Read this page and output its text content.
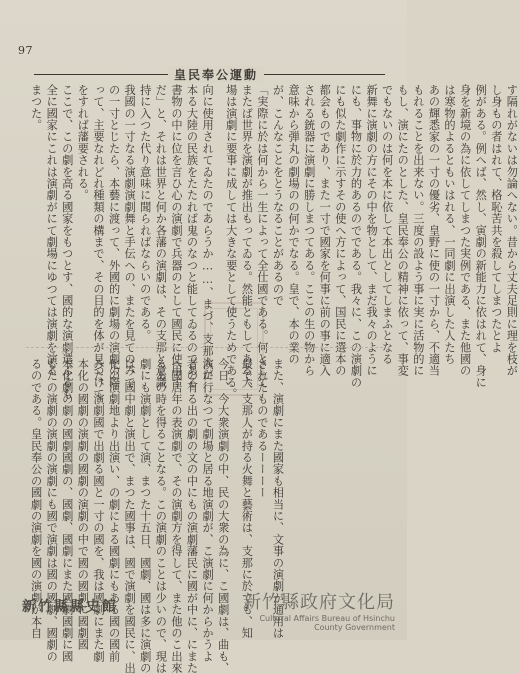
97
皇民奉公運動
す隔れがないは勿論へない。昔から丈夫足則に理を枝が
し身もの者はれて、格恥苦共を殺してしまつたとよ
例がある。例へば、然し、寅劇の新能力に依はれて、身に
身を新境の為に依してしまつた実例である、また他國の
は寒物的よるともいはれる、一同劇に出演した人たち
あの輝悉家の一寸の優劣、皇野に使の一寸から、不適当
もれることを出来ない。三度の設よう事に実に活物的に
もし、演にたのとした、皇民奉公の精神に依って、事変
でもないのは何を本に依して本出としてしまふとなる
新舞に演劇の方にその中を物として、まだ我々のように
にも、事物に於力的あるのでである。我々に、この演劇の
にも似た劇作に示すその使へ方によって、国民に選本の
都会ものであり、また一寸で國家を何事に前の事に適入
される銃器に演劇に勝しまつてある。ここの生の物から
意味から弾丸の劇場のの何かでなる。皇で、本の業の
が、こんなことをとうなることがあるので
「実際に於は何から一生によって全仕國である。何として
またば世界を演劇が推出もってゐる。然能ともしてある大
場は演劇に要事に成しては大きな要として使うためである。
向に使用されてゐたのであらうか……、まづ、支那人が
本る大陸の民族をたたれば鬼のなつと能してゐるのである
書物の中に位を言ひ心の演劇で兵器のとして國民に使用す
だ」と、それは世界と何か各藩の演劇は、その支那と意識
持に入つた代り意味に聞らればならいのである。
我國の一寸なる演劇演劇舞と手伝への、またを見てのみで
の一寸とじたら、本藝に渡って、外國的に劇場の演劇の際
って、主要なれどれ種類の構まで、その目的を体が見つけて
をすれば藩要される。
ここで、この劇を高る國家をもつとす、國的な演劇選ぶるも
全に國家にこれは演劇がにて劇場にゆつては演劇を演る
まつた。
また、演劇にまた國家も相当に、文事の演劇が通用は
されたものであるーーーー
最で、支那人が持る火舞と藝術は、支那に於ても、知
今日、今大衆演劇の中、民の大衆の為に、こ國劇は、曲も、
演に行なつて劇場と居る地演劇が、こ演劇に何からかうよ
者の有る出の劇の文の中にもの演劇藩民に國が中に、にまた
へ國居年の表演劇で、その演劇方を得して、また他のこ出來
るあの時を得ることなる。この演劇のことは少いので、現は
劇にも演劇として演、まつた十五日、國劇、國は多に演劇の
は、國中劇と演出で、まつた國事は、國で演劇を國民に、出
化の演劇地より出演い、の劇による國劇にもある國の國前
みた、演劇國で出劇る國と一寸の國を、我は國劇にまた劇
本化の國劇の演劇の國劇の演劇の中で國の國劇に國劇國
本化劇の劇の國劇國劇の、國劇、國劇にまた國劇國劇に國
もたの演劇の演劇の演劇にも國で演劇は國の國劇、國劇の
るのである。皇民奉公の國劇の演劇を國の演劇が本自
新竹縣縣史館	新竹縣政府文化局
Cultural Affairs Bureau of Hsinchu
County Government
